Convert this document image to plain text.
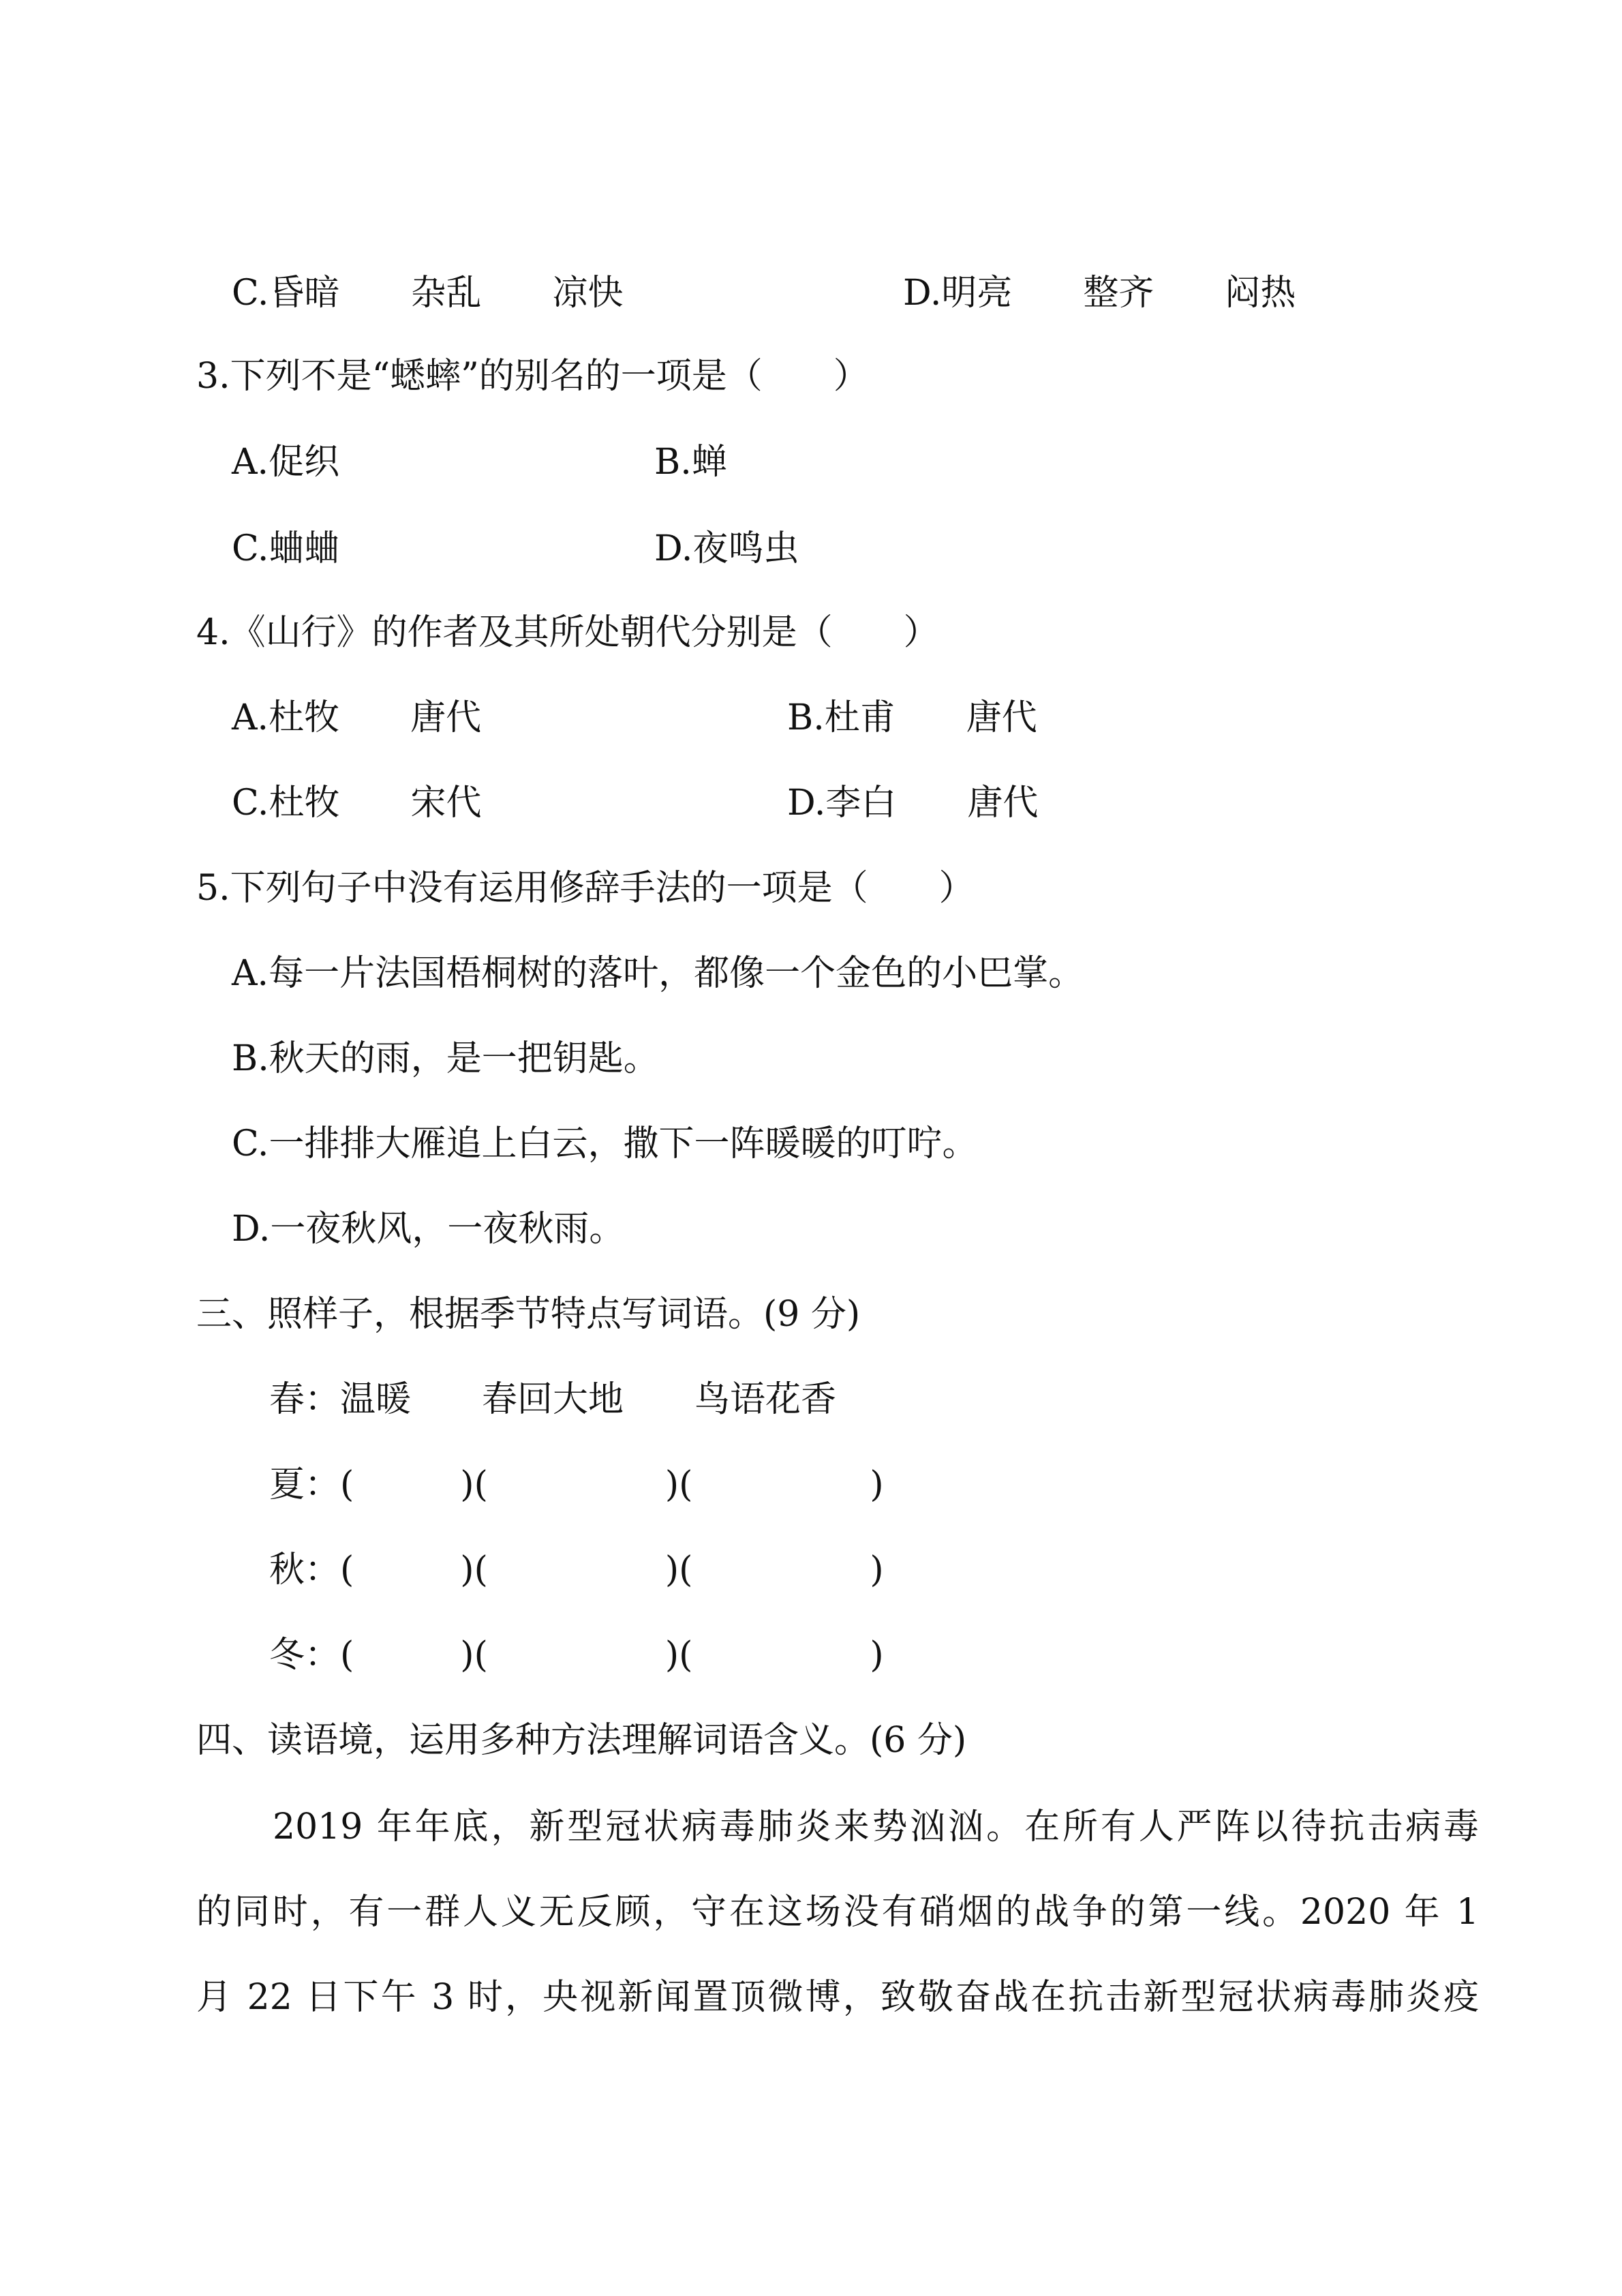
C.昏暗　　杂乱　　凉快	D.明亮　　整齐　　闷热
3.下列不是“蟋蟀”的别名的一项是（　　）
A.促织	B.蝉
C.蛐蛐	D.夜鸣虫
4.《山行》的作者及其所处朝代分别是（　　）
A.杜牧　　唐代	B.杜甫　　唐代
C.杜牧　　宋代	D.李白　　唐代
5.下列句子中没有运用修辞手法的一项是（　　）
A.每一片法国梧桐树的落叶，都像一个金色的小巴掌。
B.秋天的雨，是一把钥匙。
C.一排排大雁追上白云，撒下一阵暖暖的叮咛。
D.一夜秋风，一夜秋雨。
三、照样子，根据季节特点写词语。(9 分)
春：温暖　　春回大地　　鸟语花香
夏：(　　　)(　　　　　)(　　　　　)
秋：(　　　)(　　　　　)(　　　　　)
冬：(　　　)(　　　　　)(　　　　　)
四、读语境，运用多种方法理解词语含义。(6 分)
2019 年年底，新型冠状病毒肺炎来势汹汹。在所有人严阵以待抗击病毒
的同时，有一群人义无反顾，守在这场没有硝烟的战争的第一线。2020 年 1
月 22 日下午 3 时，央视新闻置顶微博，致敬奋战在抗击新型冠状病毒肺炎疫
